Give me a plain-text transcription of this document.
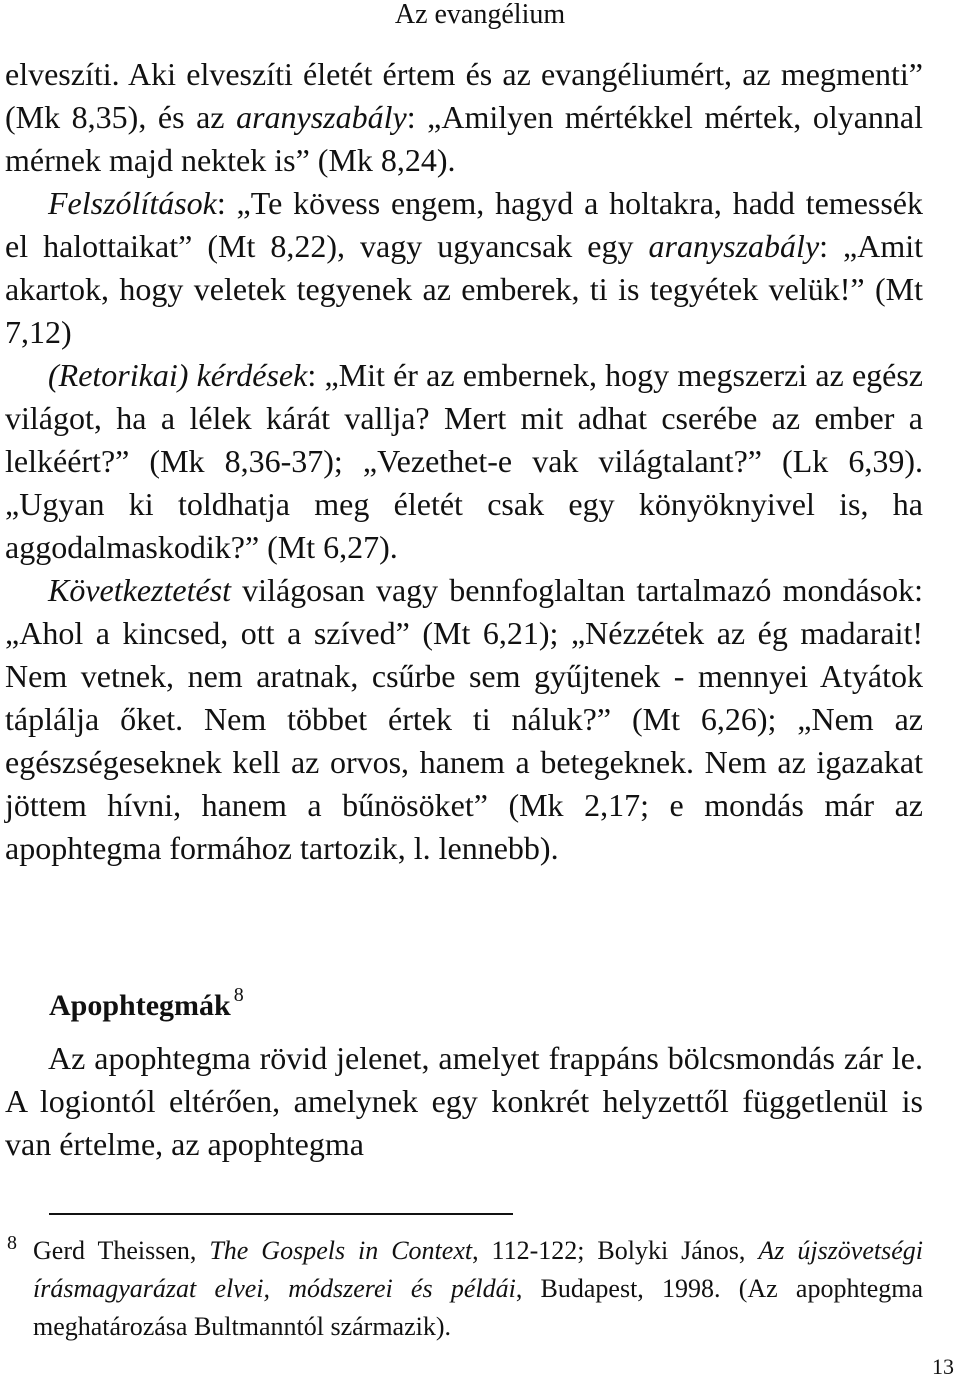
Az evangélium

elveszíti. Aki elveszíti életét értem és az evangéliumért, az megmenti” (Mk 8,35), és az aranyszabály: „Amilyen mértékkel mértek, olyannal mérnek majd nektek is” (Mk 8,24).

Felszólítások: „Te kövess engem, hagyd a holtakra, hadd temessék el halottaikat” (Mt 8,22), vagy ugyancsak egy aranyszabály: „Amit akartok, hogy veletek tegyenek az emberek, ti is tegyétek velük!” (Mt 7,12)

(Retorikai) kérdések: „Mit ér az embernek, hogy megszerzi az egész világot, ha a lélek kárát vallja? Mert mit adhat cserébe az ember a lelkéért?” (Mk 8,36-37); „Vezethet-e vak világtalant?” (Lk 6,39). „Ugyan ki toldhatja meg életét csak egy könyöknyivel is, ha aggodalmaskodik?” (Mt 6,27).

Következtetést világosan vagy bennfoglaltan tartalmazó mondások: „Ahol a kincsed, ott a szíved” (Mt 6,21); „Nézzétek az ég madarait! Nem vetnek, nem aratnak, csűrbe sem gyűjtenek - mennyei Atyátok táplálja őket. Nem többet értek ti náluk?” (Mt 6,26); „Nem az egészségeseknek kell az orvos, hanem a betegeknek. Nem az igazakat jöttem hívni, hanem a bűnösöket” (Mk 2,17; e mondás már az apophtegma formához tartozik, l. lennebb).

Apophtegmák $^8$

Az apophtegma rövid jelenet, amelyet frappáns bölcsmondás zár le. A logiontól eltérően, amelynek egy konkrét helyzettől függetlenül is van értelme, az apophtegma

8 Gerd Theissen, The Gospels in Context, 112-122; Bolyki János, Az újszövetségi írásmagyarázat elvei, módszerei és példái, Budapest, 1998. (Az apophtegma meghatározása Bultmanntól származik).
13
